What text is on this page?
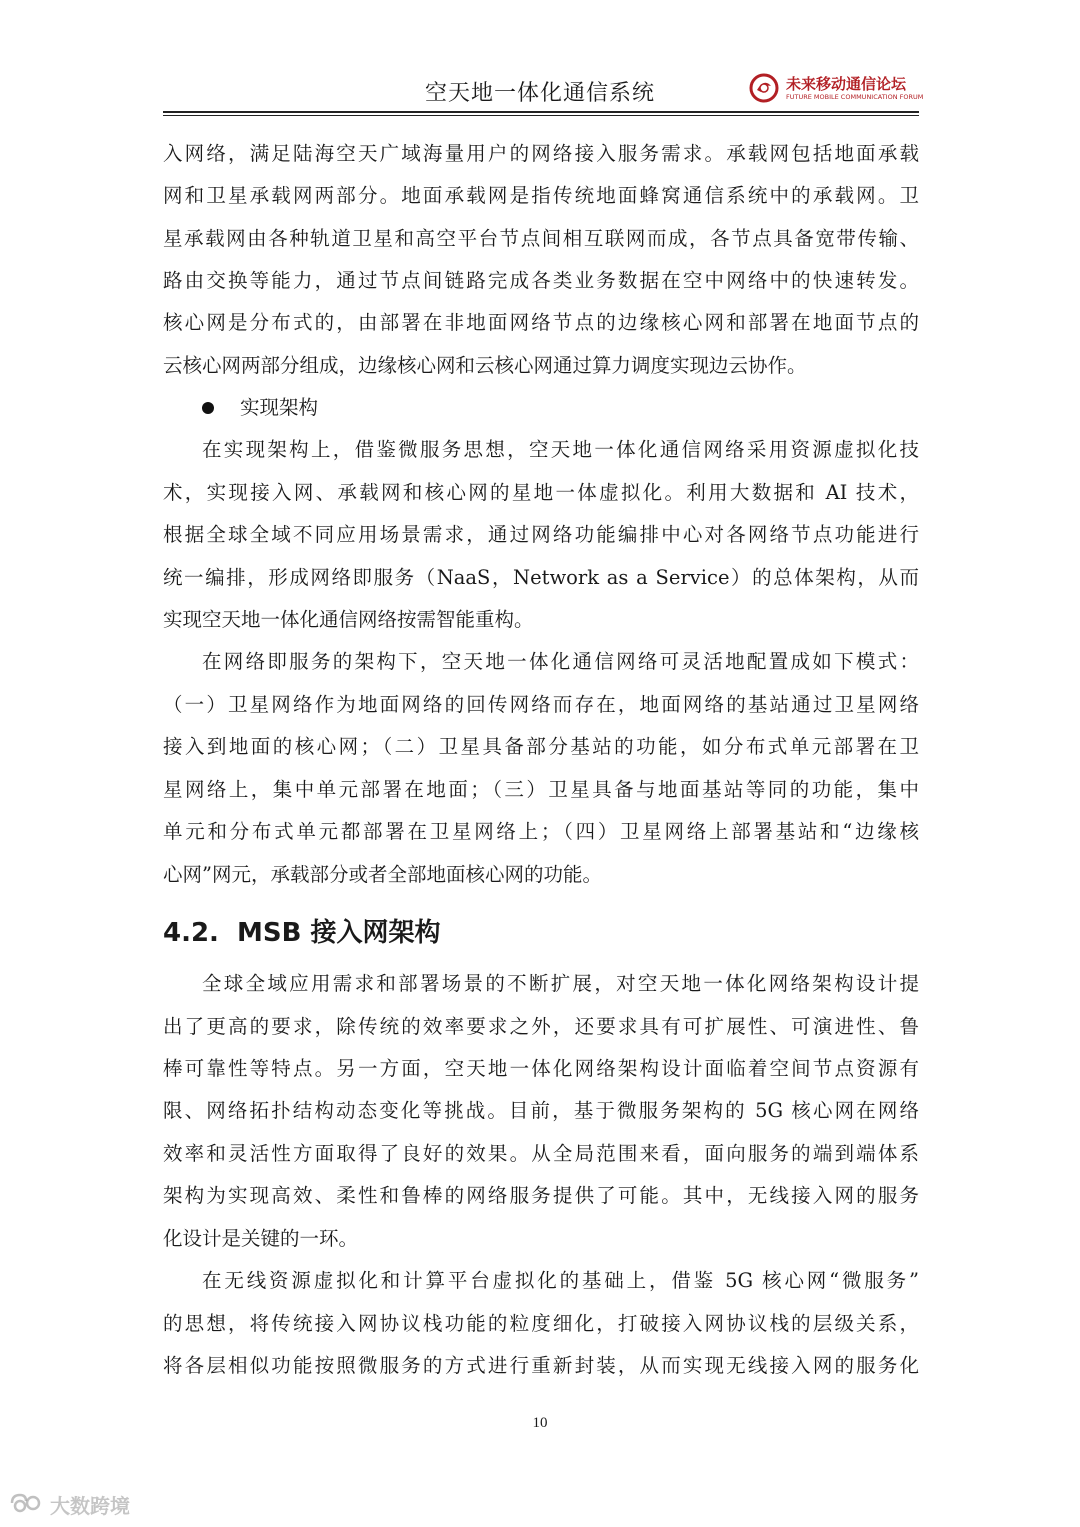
空天地一体化通信系统	未来移动通信论坛
FUTURE MOBILE COMMUNICATION FORUM
入网络，满足陆海空天广域海量用户的网络接入服务需求。承载网包括地面承载
网和卫星承载网两部分。地面承载网是指传统地面蜂窝通信系统中的承载网。卫
星承载网由各种轨道卫星和高空平台节点间相互联网而成，各节点具备宽带传输、
路由交换等能力，通过节点间链路完成各类业务数据在空中网络中的快速转发。
核心网是分布式的，由部署在非地面网络节点的边缘核心网和部署在地面节点的
云核心网两部分组成，边缘核心网和云核心网通过算力调度实现边云协作。
实现架构
在实现架构上，借鉴微服务思想，空天地一体化通信网络采用资源虚拟化技
术，实现接入网、承载网和核心网的星地一体虚拟化。利用大数据和 AI 技术，
根据全球全域不同应用场景需求，通过网络功能编排中心对各网络节点功能进行
统一编排，形成网络即服务（NaaS，Network as a Service）的总体架构，从而
实现空天地一体化通信网络按需智能重构。
在网络即服务的架构下，空天地一体化通信网络可灵活地配置成如下模式：
（一）卫星网络作为地面网络的回传网络而存在，地面网络的基站通过卫星网络
接入到地面的核心网；（二）卫星具备部分基站的功能，如分布式单元部署在卫
星网络上，集中单元部署在地面；（三）卫星具备与地面基站等同的功能，集中
单元和分布式单元都部署在卫星网络上；（四）卫星网络上部署基站和“边缘核
心网”网元，承载部分或者全部地面核心网的功能。
4.2. MSB 接入网架构
全球全域应用需求和部署场景的不断扩展，对空天地一体化网络架构设计提
出了更高的要求，除传统的效率要求之外，还要求具有可扩展性、可演进性、鲁
棒可靠性等特点。另一方面，空天地一体化网络架构设计面临着空间节点资源有
限、网络拓扑结构动态变化等挑战。目前，基于微服务架构的 5G 核心网在网络
效率和灵活性方面取得了良好的效果。从全局范围来看，面向服务的端到端体系
架构为实现高效、柔性和鲁棒的网络服务提供了可能。其中，无线接入网的服务
化设计是关键的一环。
在无线资源虚拟化和计算平台虚拟化的基础上，借鉴 5G 核心网“微服务”
的思想，将传统接入网协议栈功能的粒度细化，打破接入网协议栈的层级关系，
将各层相似功能按照微服务的方式进行重新封装，从而实现无线接入网的服务化
10
大数跨境
